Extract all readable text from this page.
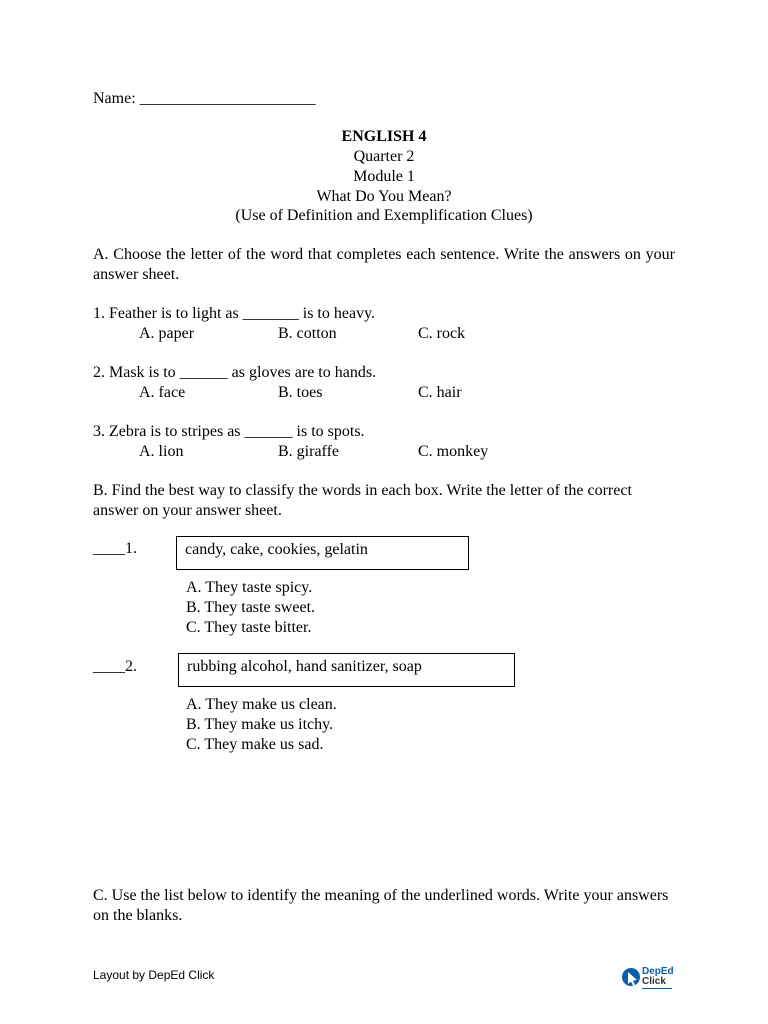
Name: ______________________
ENGLISH 4
Quarter 2
Module 1
What Do You Mean?
(Use of Definition and Exemplification Clues)
A. Choose the letter of the word that completes each sentence. Write the answers on your answer sheet.
1. Feather is to light as _______ is to heavy.
A. paper	B. cotton	C. rock
2. Mask is to ______ as gloves are to hands.
A. face	B. toes	C. hair
3. Zebra is to stripes as ______ is to spots.
A. lion	B. giraffe	C. monkey
B. Find the best way to classify the words in each box. Write the letter of the correct answer on your answer sheet.
____1.	candy, cake, cookies, gelatin
A. They taste spicy.
B. They taste sweet.
C. They taste bitter.
____2.	rubbing alcohol, hand sanitizer, soap
A. They make us clean.
B. They make us itchy.
C. They make us sad.
C. Use the list below to identify the meaning of the underlined words. Write your answers on the blanks.
Layout by DepEd Click	DepEd
Click
